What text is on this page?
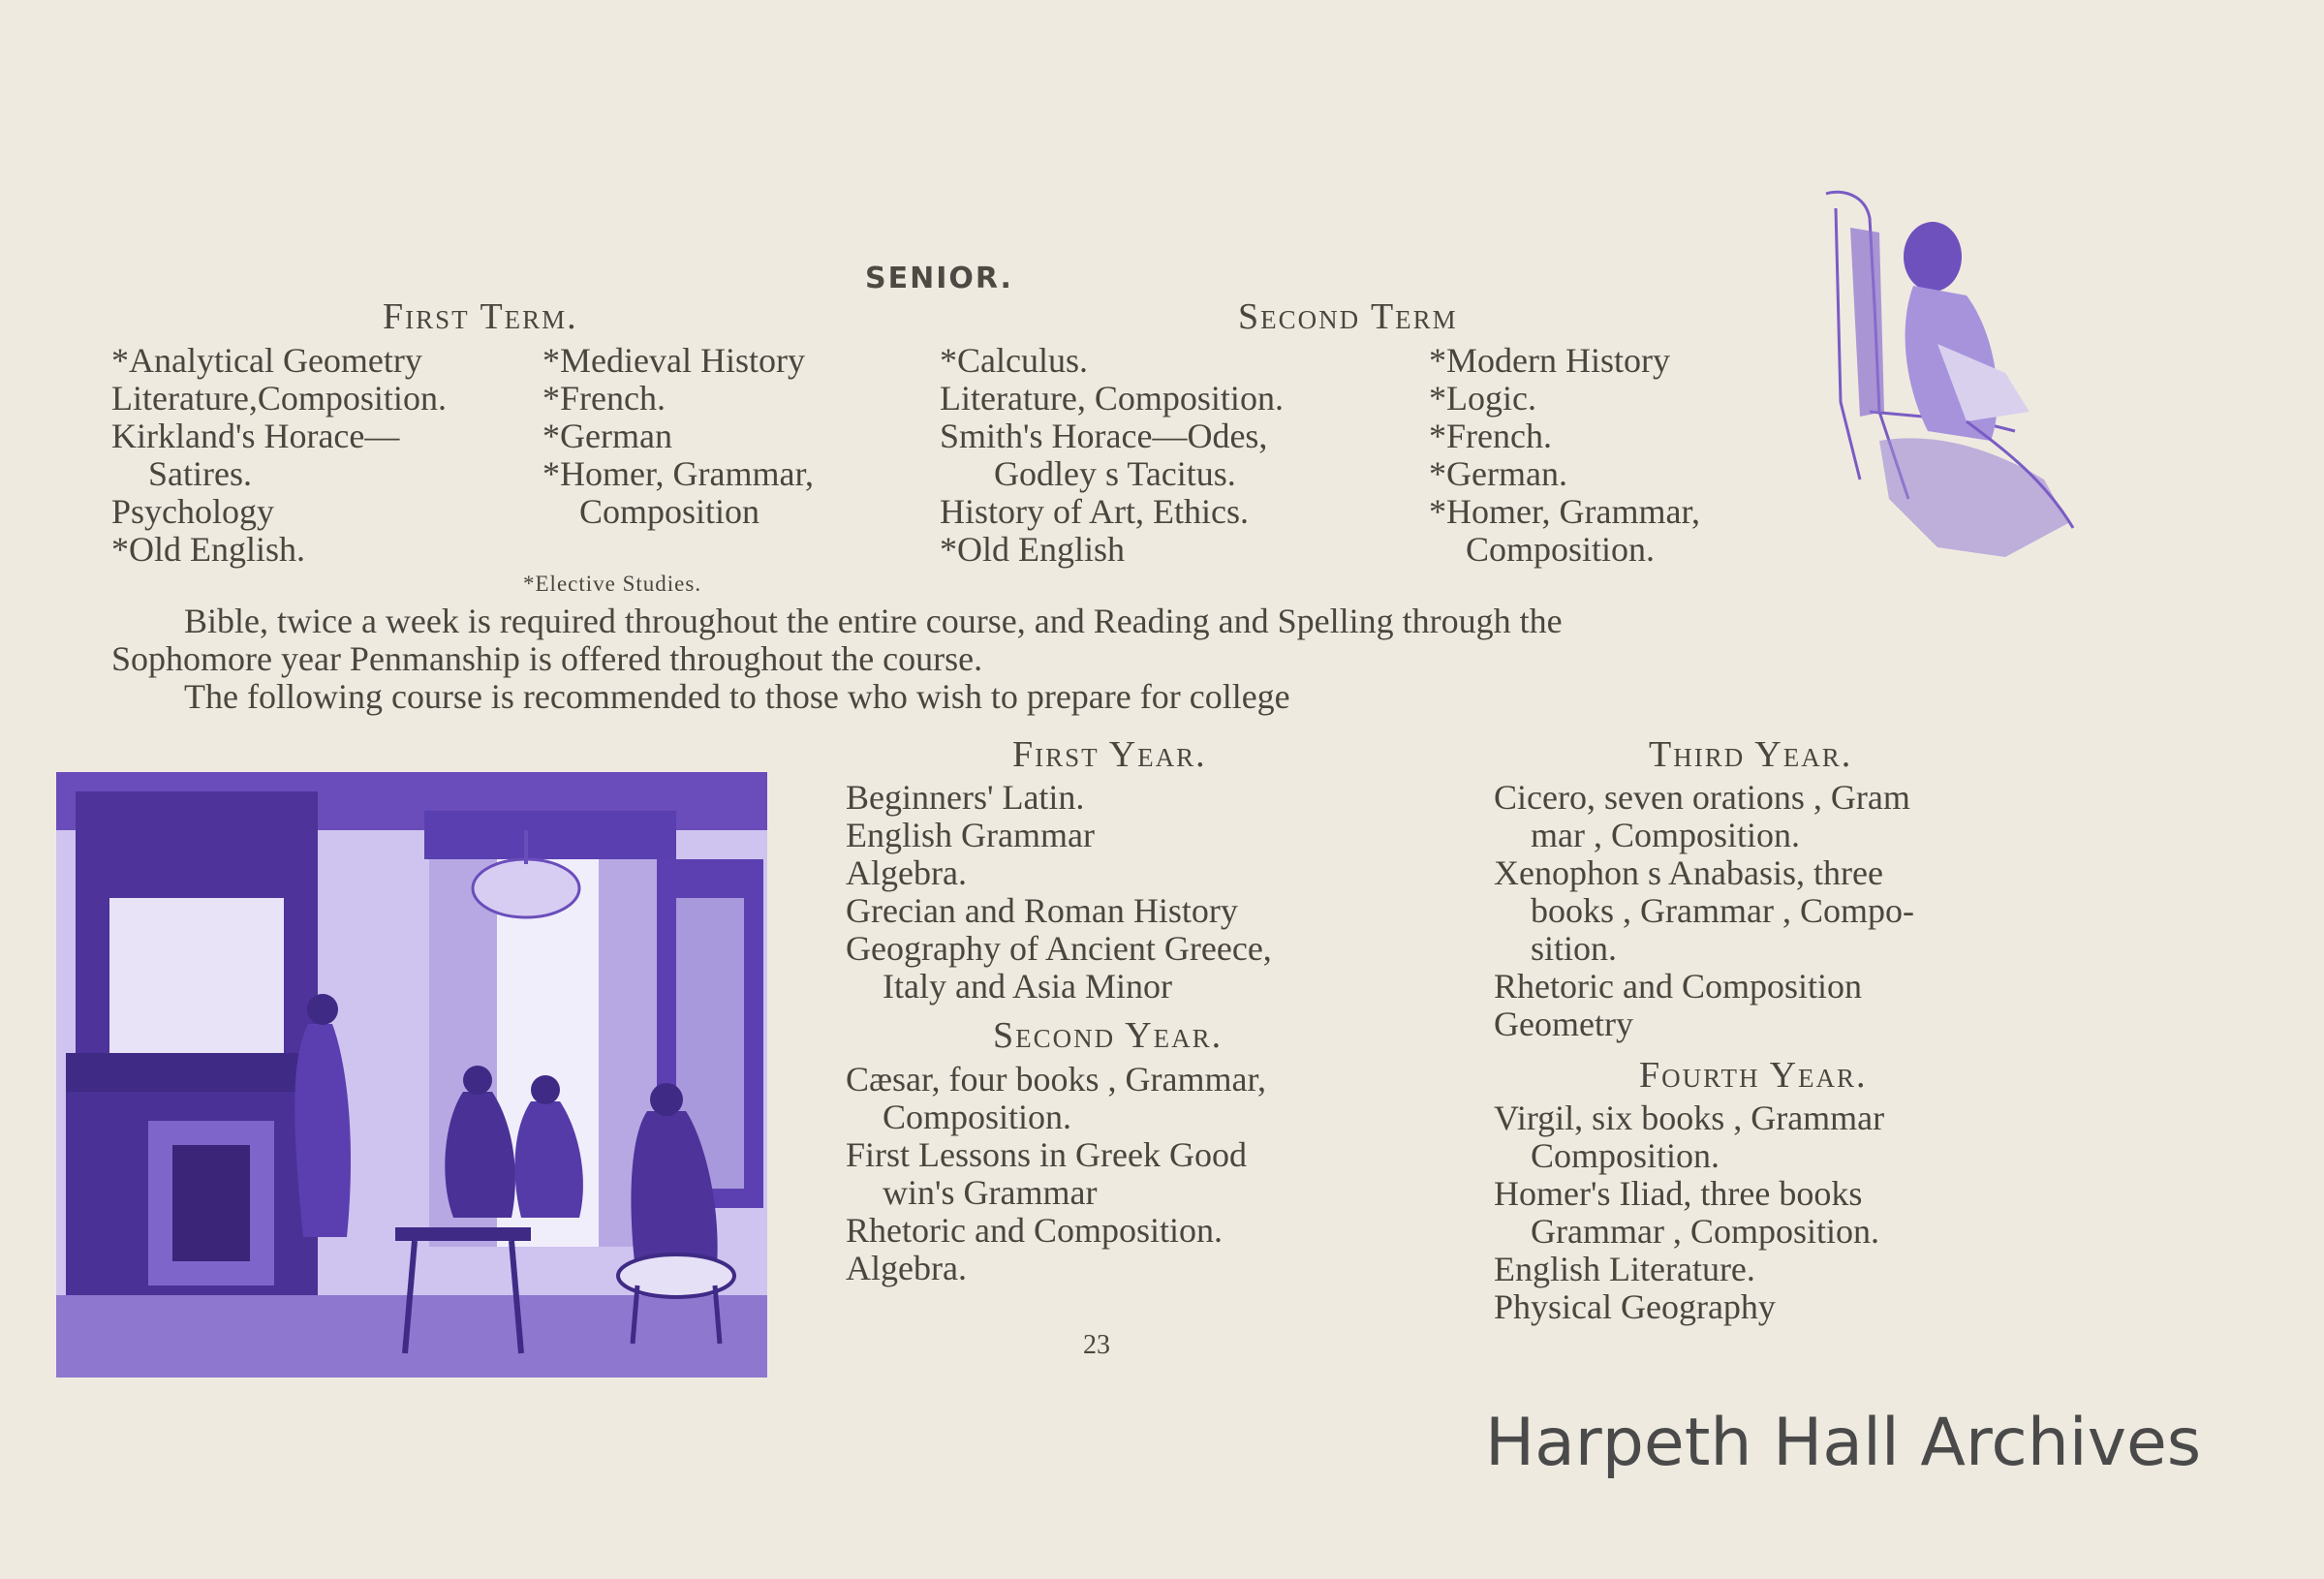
SENIOR.
First Term.	Second Term
*Analytical Geometry
Literature,Composition.
Kirkland's Horace—
Satires.
Psychology
*Old English.
*Medieval History
*French.
*German
*Homer, Grammar,
Composition
*Calculus.
Literature, Composition.
Smith's Horace—Odes,
Godley s Tacitus.
History of Art, Ethics.
*Old English
*Modern History
*Logic.
*French.
*German.
*Homer, Grammar,
Composition.
*Elective Studies.
Bible, twice a week is required throughout the entire course, and Reading and Spelling through the
Sophomore year Penmanship is offered throughout the course.
The following course is recommended to those who wish to prepare for college
First Year.
Beginners' Latin.
English Grammar
Algebra.
Grecian and Roman History
Geography of Ancient Greece,
Italy and Asia Minor
Second Year.
Cæsar, four books , Grammar,
Composition.
First Lessons in Greek Good
win's Grammar
Rhetoric and Composition.
Algebra.
Third Year.
Cicero, seven orations , Gram
mar , Composition.
Xenophon s Anabasis, three
books , Grammar , Compo-
sition.
Rhetoric and Composition
Geometry
Fourth Year.
Virgil, six books , Grammar
Composition.
Homer's Iliad, three books
Grammar , Composition.
English Literature.
Physical Geography
23
Harpeth Hall Archives
